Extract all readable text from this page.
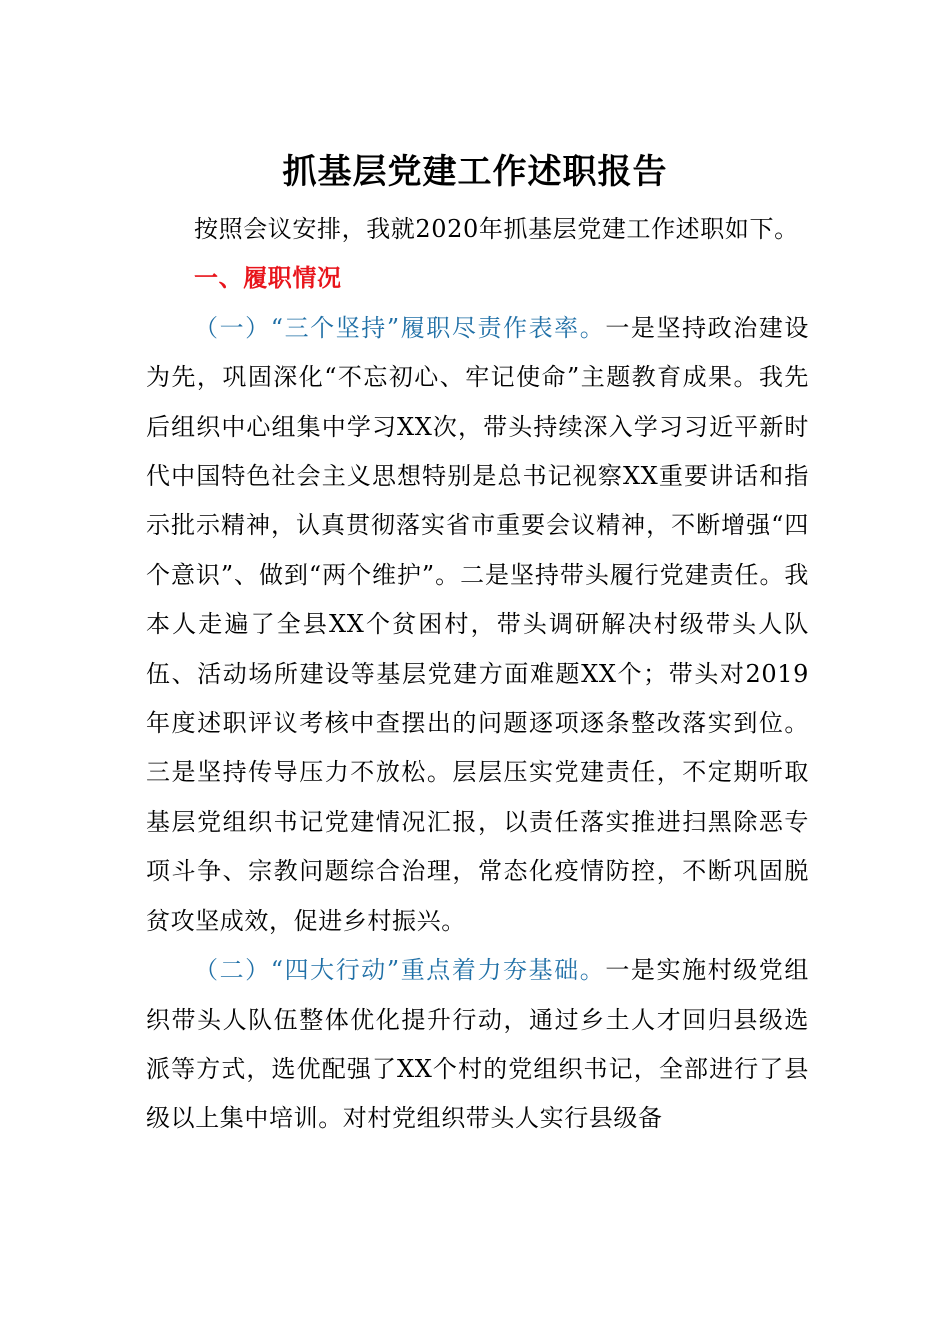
抓基层党建工作述职报告

按照会议安排，我就2020年抓基层党建工作述职如下。

一、履职情况

（一）“三个坚持”履职尽责作表率。一是坚持政治建设为先，巩固深化“不忘初心、牢记使命”主题教育成果。我先后组织中心组集中学习XX次，带头持续深入学习习近平新时代中国特色社会主义思想特别是总书记视察XX重要讲话和指示批示精神，认真贯彻落实省市重要会议精神，不断增强“四个意识”、做到“两个维护”。二是坚持带头履行党建责任。我本人走遍了全县XX个贫困村，带头调研解决村级带头人队伍、活动场所建设等基层党建方面难题XX个；带头对2019年度述职评议考核中查摆出的问题逐项逐条整改落实到位。三是坚持传导压力不放松。层层压实党建责任，不定期听取基层党组织书记党建情况汇报，以责任落实推进扫黑除恶专项斗争、宗教问题综合治理，常态化疫情防控，不断巩固脱贫攻坚成效，促进乡村振兴。

（二）“四大行动”重点着力夯基础。一是实施村级党组织带头人队伍整体优化提升行动，通过乡土人才回归县级选派等方式，选优配强了XX个村的党组织书记，全部进行了县级以上集中培训。对村党组织带头人实行县级备
